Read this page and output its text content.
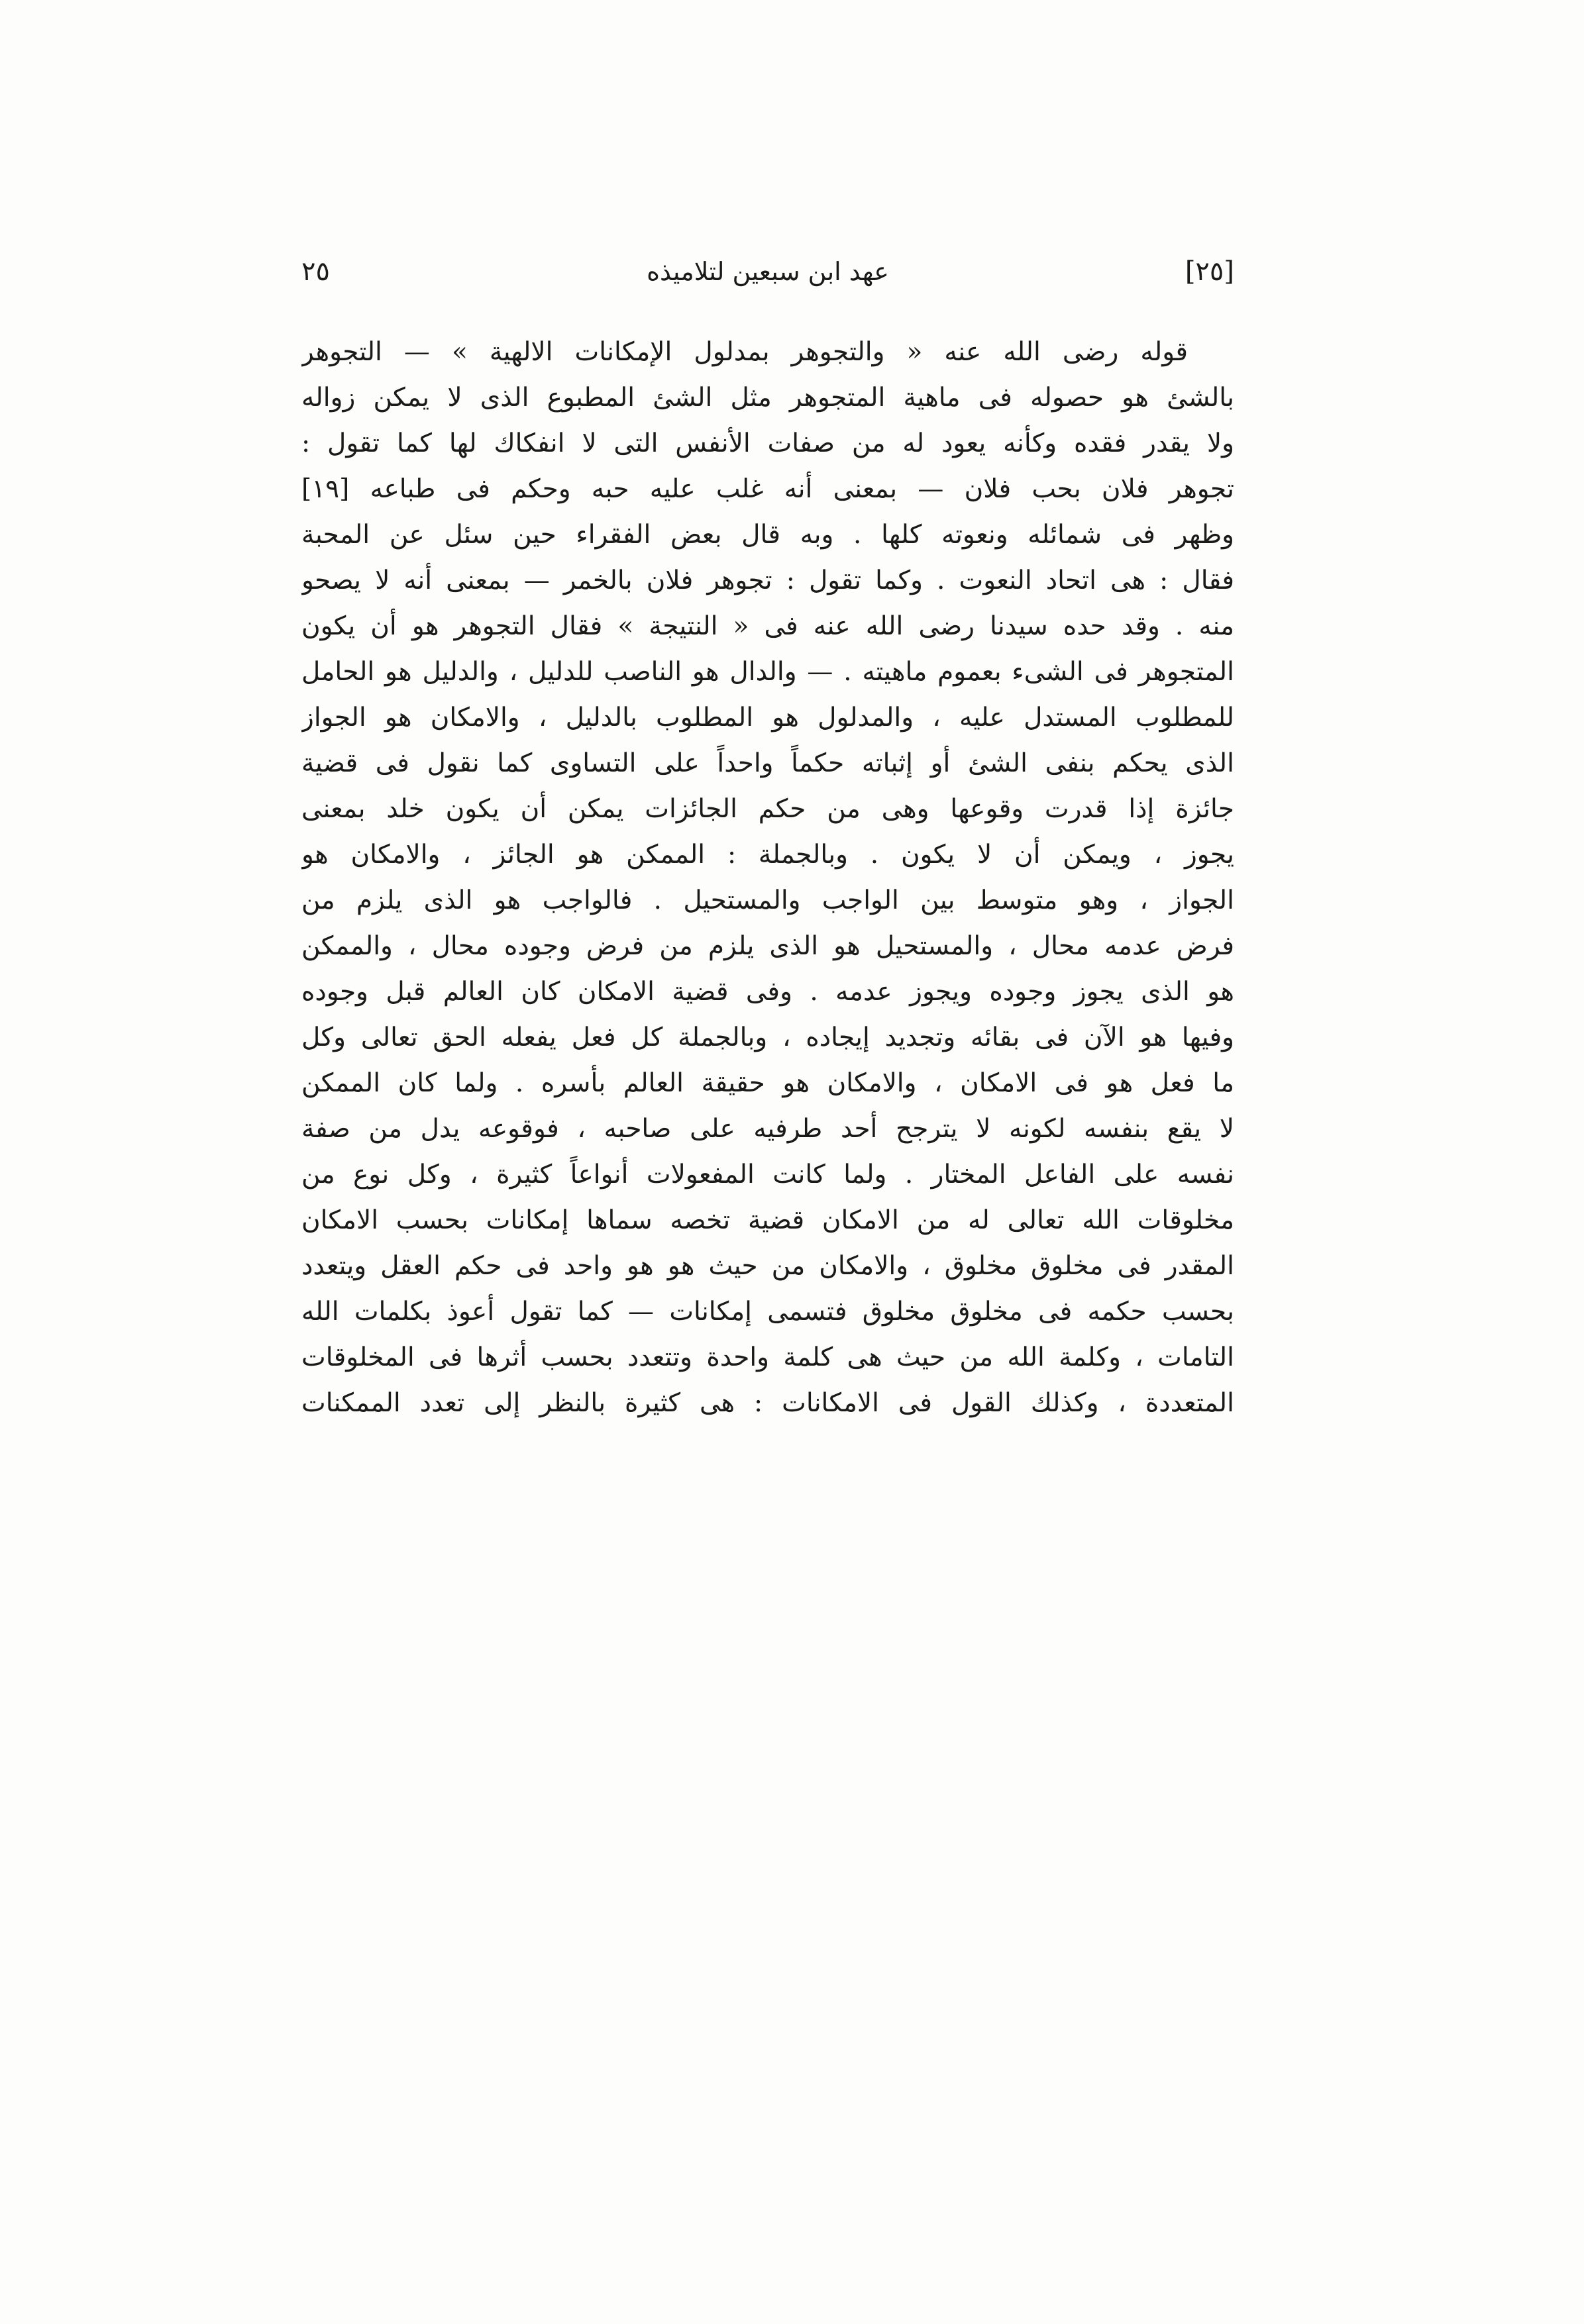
[٢٥]
عهد ابن سبعين لتلاميذه
٢٥
قوله رضى الله عنه « والتجوهر بمدلول الإمكانات الالهية » — التجوهر
بالشئ هو حصوله فى ماهية المتجوهر مثل الشئ المطبوع الذى لا يمكن زواله
ولا يقدر فقده وكأنه يعود له من صفات الأنفس التى لا انفكاك لها كما تقول :
تجوهر فلان بحب فلان — بمعنى أنه غلب عليه حبه وحكم فى طباعه [١٩]
وظهر فى شمائله ونعوته كلها . وبه قال بعض الفقراء حين سئل عن المحبة
فقال : هى اتحاد النعوت . وكما تقول : تجوهر فلان بالخمر — بمعنى أنه لا يصحو
منه . وقد حده سيدنا رضى الله عنه فى « النتيجة » فقال التجوهر هو أن يكون
المتجوهر فى الشىء بعموم ماهيته . — والدال هو الناصب للدليل ، والدليل هو الحامل
للمطلوب المستدل عليه ، والمدلول هو المطلوب بالدليل ، والامكان هو الجواز
الذى يحكم بنفى الشئ أو إثباته حكماً واحداً على التساوى كما نقول فى قضية
جائزة إذا قدرت وقوعها وهى من حكم الجائزات يمكن أن يكون خلد بمعنى
يجوز ، ويمكن أن لا يكون . وبالجملة : الممكن هو الجائز ، والامكان هو
الجواز ، وهو متوسط بين الواجب والمستحيل . فالواجب هو الذى يلزم من
فرض عدمه محال ، والمستحيل هو الذى يلزم من فرض وجوده محال ، والممكن
هو الذى يجوز وجوده ويجوز عدمه . وفى قضية الامكان كان العالم قبل وجوده
وفيها هو الآن فى بقائه وتجديد إيجاده ، وبالجملة كل فعل يفعله الحق تعالى وكل
ما فعل هو فى الامكان ، والامكان هو حقيقة العالم بأسره . ولما كان الممكن
لا يقع بنفسه لكونه لا يترجح أحد طرفيه على صاحبه ، فوقوعه يدل من صفة
نفسه على الفاعل المختار . ولما كانت المفعولات أنواعاً كثيرة ، وكل نوع من
مخلوقات الله تعالى له من الامكان قضية تخصه سماها إمكانات بحسب الامكان
المقدر فى مخلوق مخلوق ، والامكان من حيث هو هو واحد فى حكم العقل ويتعدد
بحسب حكمه فى مخلوق مخلوق فتسمى إمكانات — كما تقول أعوذ بكلمات الله
التامات ، وكلمة الله من حيث هى كلمة واحدة وتتعدد بحسب أثرها فى المخلوقات
المتعددة ، وكذلك القول فى الامكانات : هى كثيرة بالنظر إلى تعدد الممكنات
